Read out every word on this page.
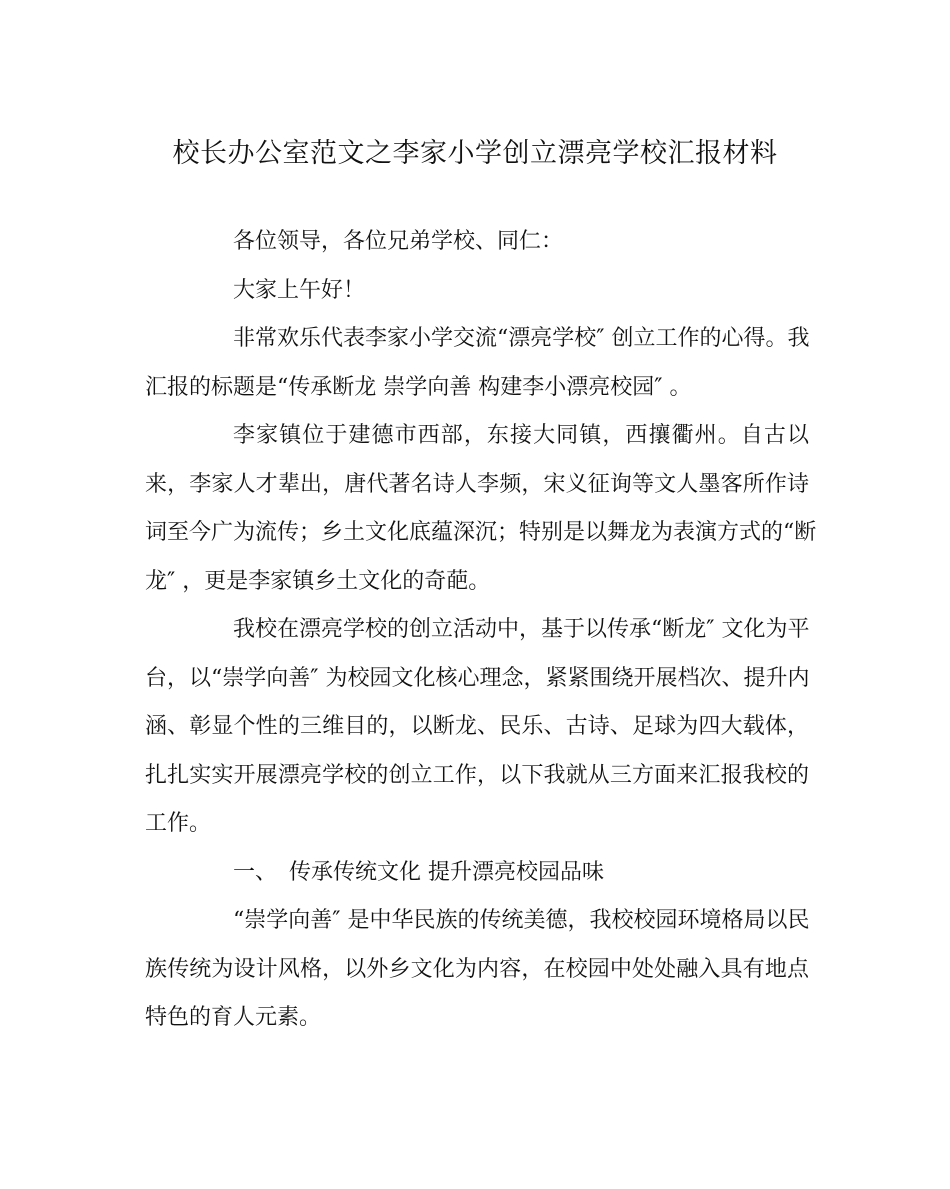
校长办公室范文之李家小学创立漂亮学校汇报材料
各位领导，各位兄弟学校、同仁：
大家上午好！
非常欢乐代表李家小学交流“漂亮学校″ 创立工作的心得。我
汇报的标题是“传承断龙 崇学向善 构建李小漂亮校园″ 。
李家镇位于建德市西部，东接大同镇，西攘衢州。自古以
来，李家人才辈出，唐代著名诗人李频，宋义征询等文人墨客所作诗
词至今广为流传；乡土文化底蕴深沉；特别是以舞龙为表演方式的“断
龙″ ，更是李家镇乡土文化的奇葩。
我校在漂亮学校的创立活动中，基于以传承“断龙″ 文化为平
台，以“崇学向善″ 为校园文化核心理念，紧紧围绕开展档次、提升内
涵、彰显个性的三维目的，以断龙、民乐、古诗、足球为四大载体，
扎扎实实开展漂亮学校的创立工作，以下我就从三方面来汇报我校的
工作。
一、 传承传统文化 提升漂亮校园品味
“崇学向善″ 是中华民族的传统美德，我校校园环境格局以民
族传统为设计风格，以外乡文化为内容，在校园中处处融入具有地点
特色的育人元素。
